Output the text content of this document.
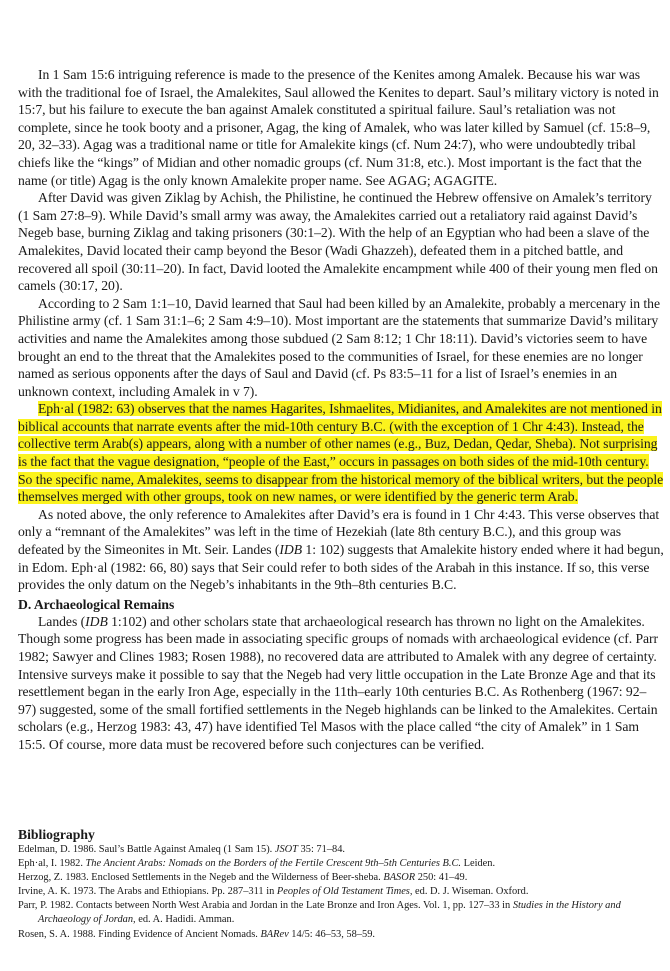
In 1 Sam 15:6 intriguing reference is made to the presence of the Kenites among Amalek. Because his war was with the traditional foe of Israel, the Amalekites, Saul allowed the Kenites to depart. Saul’s military victory is noted in 15:7, but his failure to execute the ban against Amalek constituted a spiritual failure. Saul’s retaliation was not complete, since he took booty and a prisoner, Agag, the king of Amalek, who was later killed by Samuel (cf. 15:8–9, 20, 32–33). Agag was a traditional name or title for Amalekite kings (cf. Num 24:7), who were undoubtedly tribal chiefs like the “kings” of Midian and other nomadic groups (cf. Num 31:8, etc.). Most important is the fact that the name (or title) Agag is the only known Amalekite proper name. See AGAG; AGAGITE.

After David was given Ziklag by Achish, the Philistine, he continued the Hebrew offensive on Amalek’s territory (1 Sam 27:8–9). While David’s small army was away, the Amalekites carried out a retaliatory raid against David’s Negeb base, burning Ziklag and taking prisoners (30:1–2). With the help of an Egyptian who had been a slave of the Amalekites, David located their camp beyond the Besor (Wadi Ghazzeh), defeated them in a pitched battle, and recovered all spoil (30:11–20). In fact, David looted the Amalekite encampment while 400 of their young men fled on camels (30:17, 20).

According to 2 Sam 1:1–10, David learned that Saul had been killed by an Amalekite, probably a mercenary in the Philistine army (cf. 1 Sam 31:1–6; 2 Sam 4:9–10). Most important are the statements that summarize David’s military activities and name the Amalekites among those subdued (2 Sam 8:12; 1 Chr 18:11). David’s victories seem to have brought an end to the threat that the Amalekites posed to the communities of Israel, for these enemies are no longer named as serious opponents after the days of Saul and David (cf. Ps 83:5–11 for a list of Israel’s enemies in an unknown context, including Amalek in v 7).

Eph·al (1982: 63) observes that the names Hagarites, Ishmaelites, Midianites, and Amalekites are not mentioned in biblical accounts that narrate events after the mid-10th century B.C. (with the exception of 1 Chr 4:43). Instead, the collective term Arab(s) appears, along with a number of other names (e.g., Buz, Dedan, Qedar, Sheba). Not surprising is the fact that the vague designation, “people of the East,” occurs in passages on both sides of the mid-10th century. So the specific name, Amalekites, seems to disappear from the historical memory of the biblical writers, but the people themselves merged with other groups, took on new names, or were identified by the generic term Arab.

As noted above, the only reference to Amalekites after David’s era is found in 1 Chr 4:43. This verse observes that only a “remnant of the Amalekites” was left in the time of Hezekiah (late 8th century B.C.), and this group was defeated by the Simeonites in Mt. Seir. Landes (IDB 1: 102) suggests that Amalekite history ended where it had begun, in Edom. Eph·al (1982: 66, 80) says that Seir could refer to both sides of the Arabah in this instance. If so, this verse provides the only datum on the Negeb’s inhabitants in the 9th–8th centuries B.C.

D. Archaeological Remains

Landes (IDB 1:102) and other scholars state that archaeological research has thrown no light on the Amalekites. Though some progress has been made in associating specific groups of nomads with archaeological evidence (cf. Parr 1982; Sawyer and Clines 1983; Rosen 1988), no recovered data are attributed to Amalek with any degree of certainty. Intensive surveys make it possible to say that the Negeb had very little occupation in the Late Bronze Age and that its resettlement began in the early Iron Age, especially in the 11th–early 10th centuries B.C. As Rothenberg (1967: 92–97) suggested, some of the small fortified settlements in the Negeb highlands can be linked to the Amalekites. Certain scholars (e.g., Herzog 1983: 43, 47) have identified Tel Masos with the place called “the city of Amalek” in 1 Sam 15:5. Of course, more data must be recovered before such conjectures can be verified.

Bibliography

Edelman, D. 1986. Saul’s Battle Against Amaleq (1 Sam 15). JSOT 35: 71–84.

Eph·al, I. 1982. The Ancient Arabs: Nomads on the Borders of the Fertile Crescent 9th–5th Centuries B.C. Leiden.

Herzog, Z. 1983. Enclosed Settlements in the Negeb and the Wilderness of Beer-sheba. BASOR 250: 41–49.

Irvine, A. K. 1973. The Arabs and Ethiopians. Pp. 287–311 in Peoples of Old Testament Times, ed. D. J. Wiseman. Oxford.

Parr, P. 1982. Contacts between North West Arabia and Jordan in the Late Bronze and Iron Ages. Vol. 1, pp. 127–33 in Studies in the History and Archaeology of Jordan, ed. A. Hadidi. Amman.

Rosen, S. A. 1988. Finding Evidence of Ancient Nomads. BARev 14/5: 46–53, 58–59.
